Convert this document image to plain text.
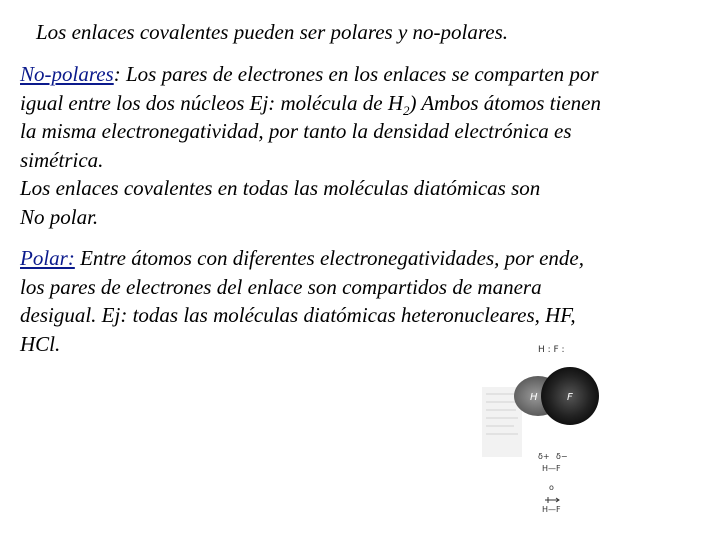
Los enlaces covalentes pueden ser polares y no-polares.
No-polares: Los pares de electrones en los enlaces se comparten por
igual entre los dos núcleos Ej: molécula de $H_2$) Ambos átomos tienen
la misma electronegatividad, por tanto la densidad electrónica es
simétrica.
Los enlaces covalentes en todas las moléculas diatómicas son
No polar.
Polar: Entre átomos con diferentes electronegatividades, por ende,
los pares de electrones del enlace son compartidos de manera
desigual. Ej: todas las moléculas diatómicas heteronucleares, HF,
HCl.	H : F :
H	F
δ+ δ−
H—F
o
H—F
